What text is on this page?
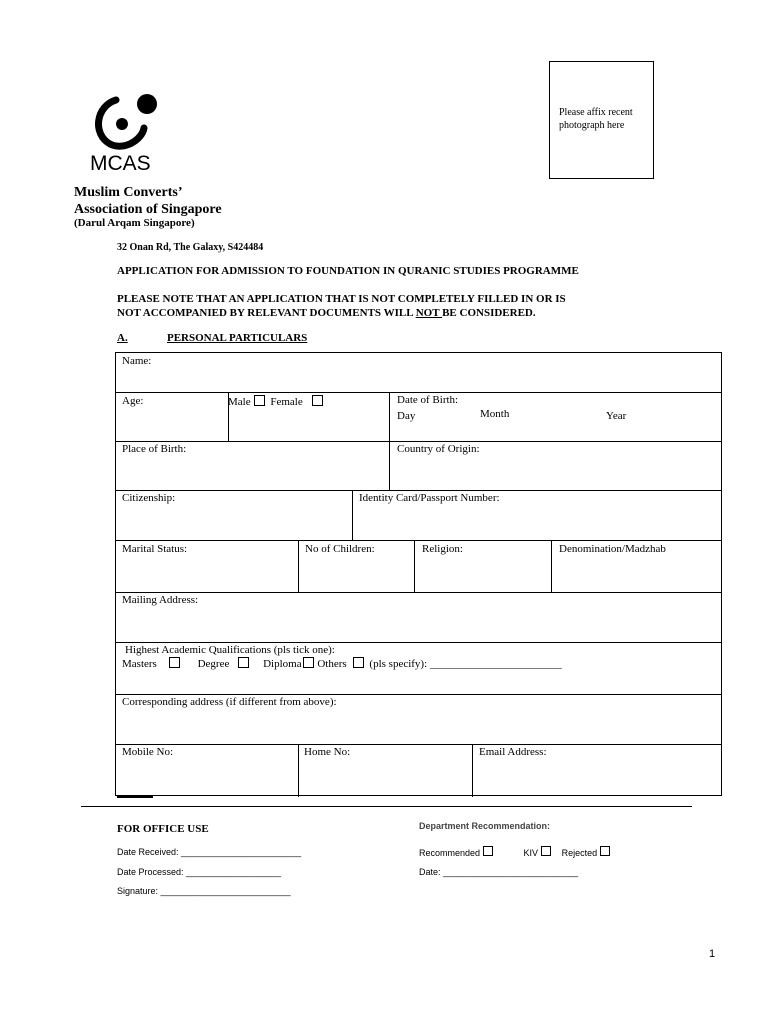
Please affix recent photograph here
MCAS
Muslim Converts’
Association of Singapore
(Darul Arqam Singapore)
32 Onan Rd, The Galaxy, S424484
APPLICATION FOR ADMISSION TO FOUNDATION IN QURANIC STUDIES PROGRAMME
PLEASE NOTE THAT AN APPLICATION THAT IS NOT COMPLETELY FILLED IN OR IS
NOT ACCOMPANIED BY RELEVANT DOCUMENTS WILL NOT BE CONSIDERED.
A.	PERSONAL PARTICULARS
Name:
Age:	Male Female	Date of Birth:
Day	Month	Year
Place of Birth:	Country of Origin:
Citizenship:	Identity Card/Passport Number:
Marital Status:	No of Children:	Religion:	Denomination/Madzhab
Mailing Address:
Highest Academic Qualifications (pls tick one):
Masters	Degree	Diploma Others (pls specify): ________________________
Corresponding address (if different from above):
Mobile No:	Home No:	Email Address:
FOR OFFICE USE
Date Received: ________________________
Date Processed: ___________________
Signature: __________________________
Department Recommendation:
Recommended	KIV	Rejected
Date: ___________________________
1
